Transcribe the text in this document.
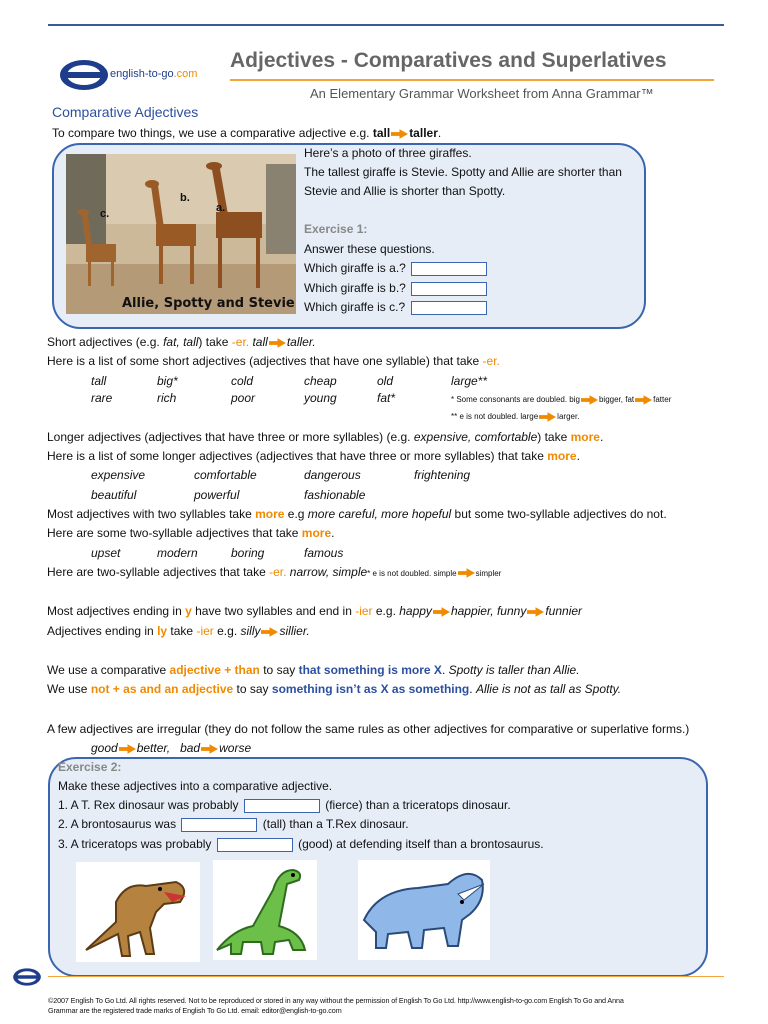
english-to-go.com
Adjectives - Comparatives and Superlatives
An Elementary Grammar Worksheet from Anna Grammar™
Comparative Adjectives
To compare two things, we use a comparative adjective e.g. tall taller.
c.
b.
a.
Allie, Spotty and Stevie
Here’s a photo of three giraffes.
The tallest giraffe is Stevie. Spotty and Allie are shorter than
Stevie and Allie is shorter than Spotty.
Exercise 1:
Answer these questions.
Which giraffe is a.?
Which giraffe is b.?
Which giraffe is c.?
Short adjectives (e.g. fat, tall) take -er. tall taller.
Here is a list of some short adjectives (adjectives that have one syllable) that take -er.
tall	big*	cold	cheap	old	large**
rare	rich	poor	young	fat*	* Some consonants are doubled. big bigger, fat fatter
** e is not doubled. large larger.
Longer adjectives (adjectives that have three or more syllables) (e.g. expensive, comfortable) take more.
Here is a list of some longer adjectives (adjectives that have three or more syllables) that take more.
expensive	comfortable	dangerous	frightening
beautiful	powerful	fashionable
Most adjectives with two syllables take more e.g more careful, more hopeful but some two-syllable adjectives do not.
Here are some two-syllable adjectives that take more.
upset	modern	boring	famous
Here are two-syllable adjectives that take -er. narrow, simple* e is not doubled. simple simpler
Most adjectives ending in y have two syllables and end in -ier e.g. happy happier, funny funnier
Adjectives ending in ly take -ier e.g. silly sillier.
We use a comparative adjective + than to say that something is more X. Spotty is taller than Allie.
We use not + as and an adjective to say something isn’t as X as something. Allie is not as tall as Spotty.
A few adjectives are irregular (they do not follow the same rules as other adjectives for comparative or superlative forms.)
good better, bad worse
Exercise 2:
Make these adjectives into a comparative adjective.
1. A T. Rex dinosaur was probably	(fierce) than a triceratops dinosaur.
2. A brontosaurus was	(tall) than a T.Rex dinosaur.
3. A triceratops was probably	(good) at defending itself than a brontosaurus.
©2007 English To Go Ltd. All rights reserved. Not to be reproduced or stored in any way without the permission of English To Go Ltd. http://www.english-to-go.com English To Go and Anna
Grammar are the registered trade marks of English To Go Ltd. email: editor@english-to-go.com
